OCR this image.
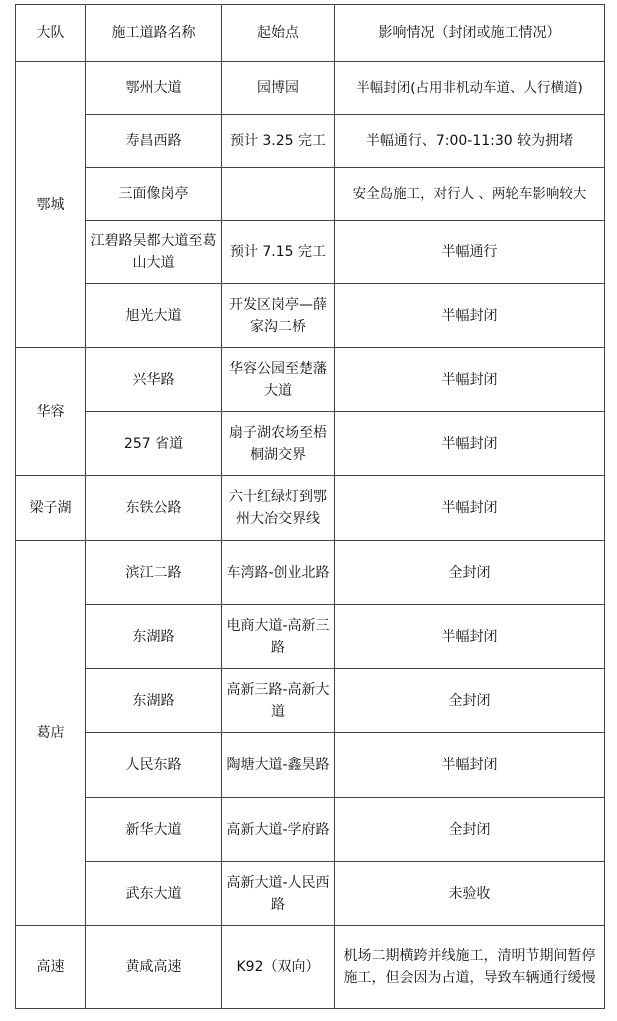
大队	施工道路名称	起始点	影响情况（封闭或施工情况）
鄂城	鄂州大道	园博园	半幅封闭(占用非机动车道、人行横道)
	寿昌西路	预计 3.25 完工	半幅通行、7:00-11:30 较为拥堵
	三面像岗亭		安全岛施工，对行人 、两轮车影响较大
	江碧路吴都大道至葛山大道	预计 7.15 完工	半幅通行
	旭光大道	开发区岗亭—薛家沟二桥	半幅封闭
华容	兴华路	华容公园至楚藩大道	半幅封闭
	257 省道	扇子湖农场至梧桐湖交界	半幅封闭
梁子湖	东铁公路	六十红绿灯到鄂州大冶交界线	半幅封闭
葛店	滨江二路	车湾路-创业北路	全封闭
	东湖路	电商大道-高新三路	半幅封闭
	东湖路	高新三路-高新大道	全封闭
	人民东路	陶塘大道-鑫昊路	半幅封闭
	新华大道	高新大道-学府路	全封闭
	武东大道	高新大道-人民西路	未验收
高速	黄咸高速	K92（双向）	机场二期横跨并线施工，清明节期间暂停施工，但会因为占道，导致车辆通行缓慢
